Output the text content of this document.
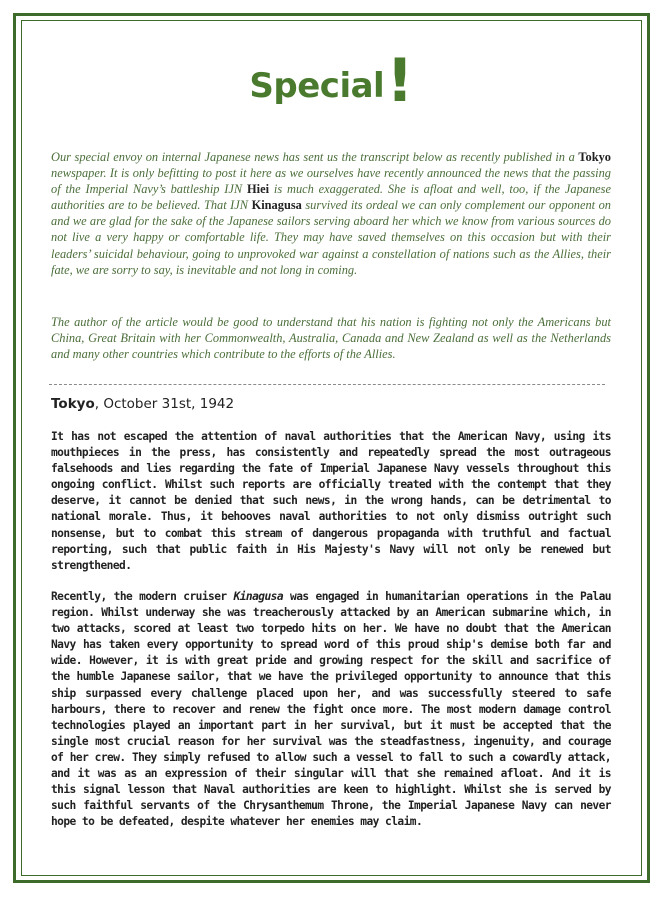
Special!
Our special envoy on internal Japanese news has sent us the transcript below as recently published in a Tokyo newspaper. It is only befitting to post it here as we ourselves have recently announced the news that the passing of the Imperial Navy’s battleship IJN Hiei is much exaggerated. She is afloat and well, too, if the Japanese authorities are to be believed. That IJN Kinagusa survived its ordeal we can only complement our opponent on and we are glad for the sake of the Japanese sailors serving aboard her which we know from various sources do not live a very happy or comfortable life. They may have saved themselves on this occasion but with their leaders’ suicidal behaviour, going to unprovoked war against a constellation of nations such as the Allies, their fate, we are sorry to say, is inevitable and not long in coming.
The author of the article would be good to understand that his nation is fighting not only the Americans but China, Great Britain with her Commonwealth, Australia, Canada and New Zealand as well as the Netherlands and many other countries which contribute to the efforts of the Allies.
Tokyo, October 31st, 1942
It has not escaped the attention of naval authorities that the American Navy, using its mouthpieces in the press, has consistently and repeatedly spread the most outrageous falsehoods and lies regarding the fate of Imperial Japanese Navy vessels throughout this ongoing conflict. Whilst such reports are officially treated with the contempt that they deserve, it cannot be denied that such news, in the wrong hands, can be detrimental to national morale. Thus, it behooves naval authorities to not only dismiss outright such nonsense, but to combat this stream of dangerous propaganda with truthful and factual reporting, such that public faith in His Majesty's Navy will not only be renewed but strengthened.
Recently, the modern cruiser Kinagusa was engaged in humanitarian operations in the Palau region. Whilst underway she was treacherously attacked by an American submarine which, in two attacks, scored at least two torpedo hits on her. We have no doubt that the American Navy has taken every opportunity to spread word of this proud ship's demise both far and wide. However, it is with great pride and growing respect for the skill and sacrifice of the humble Japanese sailor, that we have the privileged opportunity to announce that this ship surpassed every challenge placed upon her, and was successfully steered to safe harbours, there to recover and renew the fight once more. The most modern damage control technologies played an important part in her survival, but it must be accepted that the single most crucial reason for her survival was the steadfastness, ingenuity, and courage of her crew. They simply refused to allow such a vessel to fall to such a cowardly attack, and it was as an expression of their singular will that she remained afloat. And it is this signal lesson that Naval authorities are keen to highlight. Whilst she is served by such faithful servants of the Chrysanthemum Throne, the Imperial Japanese Navy can never hope to be defeated, despite whatever her enemies may claim.
